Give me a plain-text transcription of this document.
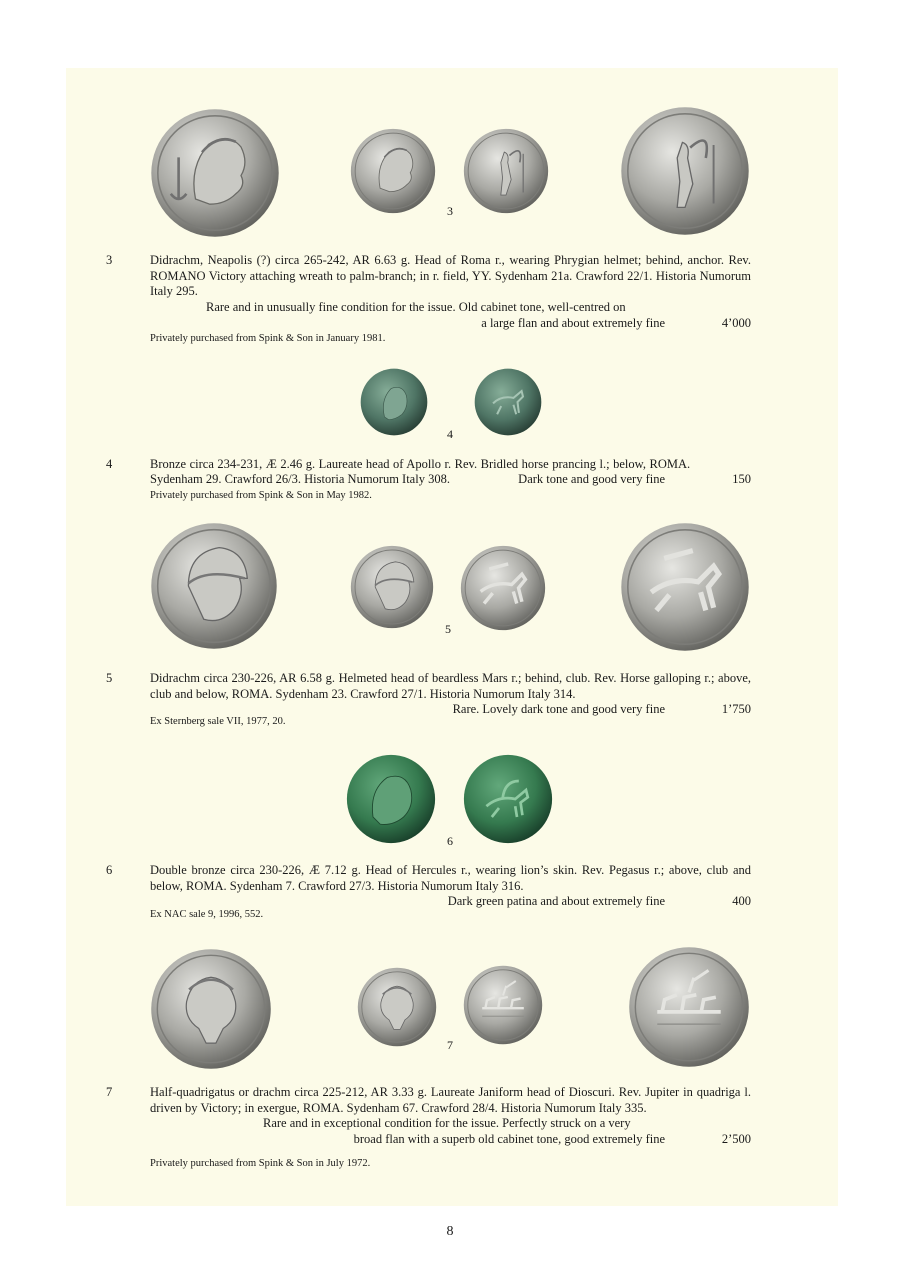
3
3	Didrachm, Neapolis (?) circa 265-242, AR 6.63 g. Head of Roma r., wearing Phrygian helmet; behind, anchor. Rev. ROMANO Victory attaching wreath to palm-branch; in r. field, YY. Sydenham 21a. Crawford 22/1. Historia Numorum Italy 295.
Rare and in unusually fine condition for the issue. Old cabinet tone, well-centred on
a large flan and about extremely fine	4’000
Privately purchased from Spink & Son in January 1981.
4
4	Bronze circa 234-231, Æ 2.46 g. Laureate head of Apollo r. Rev. Bridled horse prancing l.; below, ROMA.
Sydenham 29. Crawford 26/3. Historia Numorum Italy 308.	Dark tone and good very fine	150
Privately purchased from Spink & Son in May 1982.
5
5	Didrachm circa 230-226, AR 6.58 g. Helmeted head of beardless Mars r.; behind, club. Rev. Horse galloping r.; above, club and below, ROMA. Sydenham 23. Crawford 27/1. Historia Numorum Italy 314.
Rare. Lovely dark tone and good very fine	1’750
Ex Sternberg sale VII, 1977, 20.
6
6	Double bronze circa 230-226, Æ 7.12 g. Head of Hercules r., wearing lion’s skin. Rev. Pegasus r.; above, club and below, ROMA. Sydenham 7. Crawford 27/3. Historia Numorum Italy 316.
Dark green patina and about extremely fine	400
Ex NAC sale 9, 1996, 552.
7
7	Half-quadrigatus or drachm circa 225-212, AR 3.33 g. Laureate Janiform head of Dioscuri. Rev. Jupiter in quadriga l. driven by Victory; in exergue, ROMA. Sydenham 67. Crawford 28/4. Historia Numorum Italy 335.
Rare and in exceptional condition for the issue. Perfectly struck on a very
broad flan with a superb old cabinet tone, good extremely fine	2’500
Privately purchased from Spink & Son in July 1972.
8
